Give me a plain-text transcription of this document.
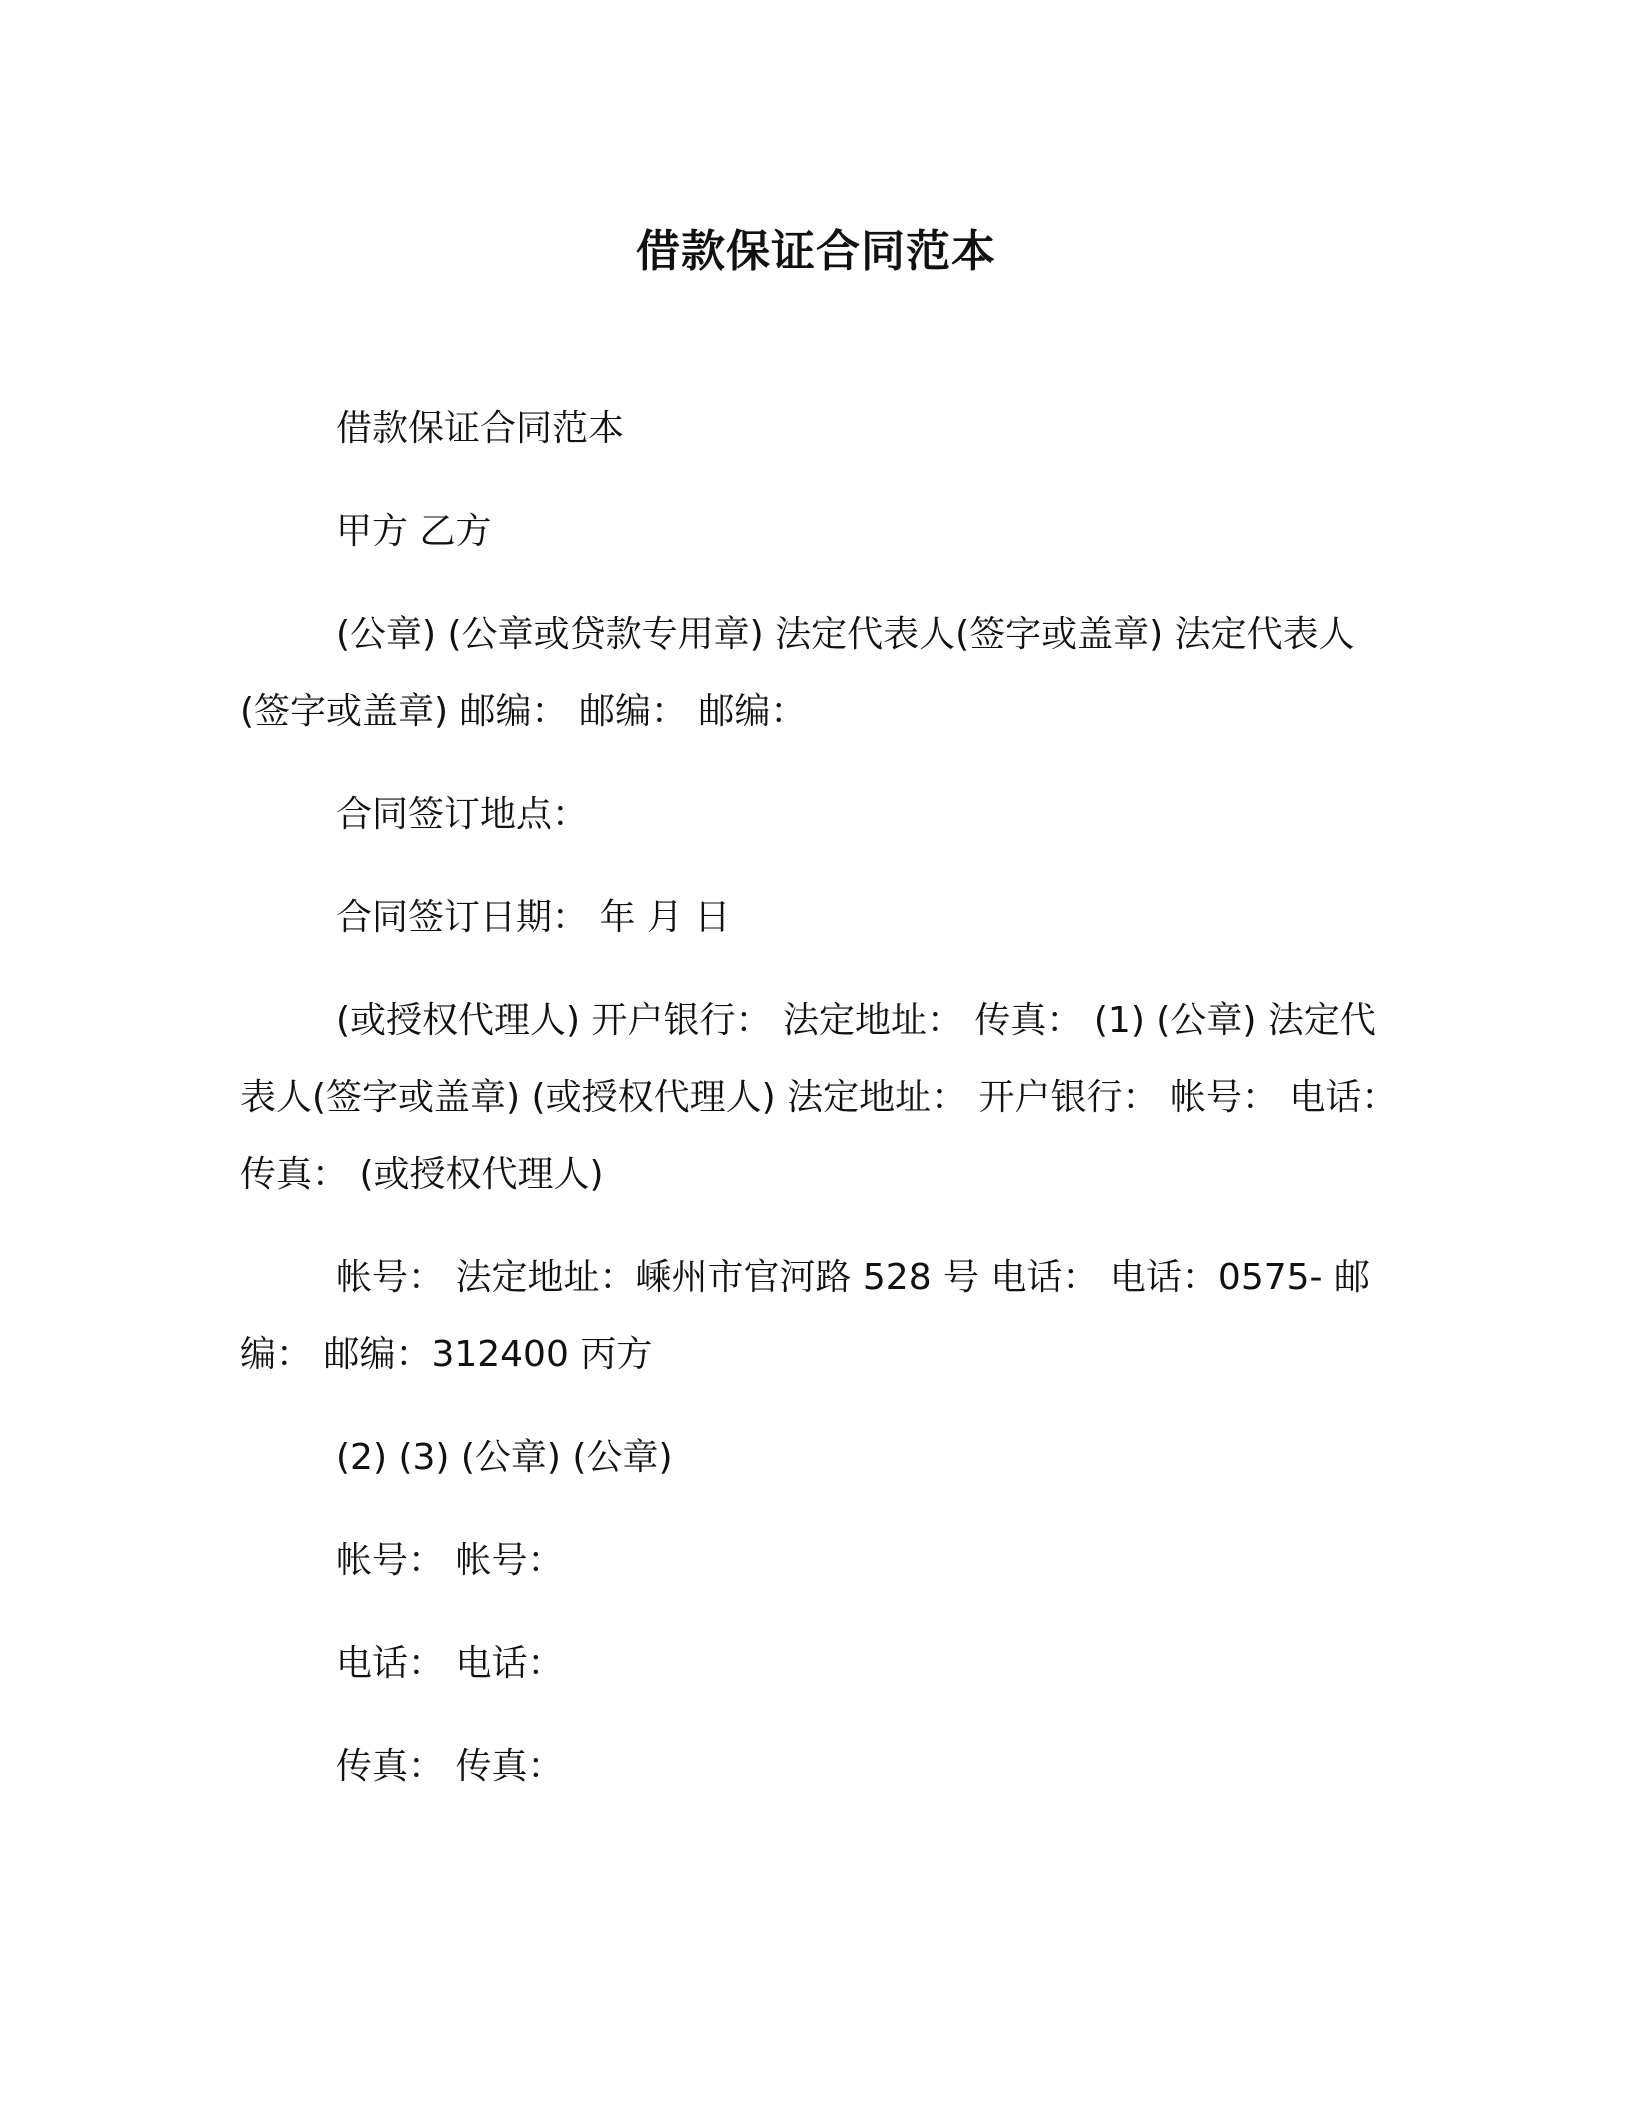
借款保证合同范本

借款保证合同范本

甲方 乙方

(公章) (公章或贷款专用章) 法定代表人(签字或盖章) 法定代表人(签字或盖章) 邮编： 邮编： 邮编：

合同签订地点：

合同签订日期： 年 月 日

(或授权代理人) 开户银行： 法定地址： 传真： (1) (公章) 法定代表人(签字或盖章) (或授权代理人) 法定地址： 开户银行： 帐号： 电话： 传真： (或授权代理人)

帐号： 法定地址：嵊州市官河路 528 号 电话： 电话：0575- 邮编： 邮编：312400 丙方

(2) (3) (公章) (公章)

帐号： 帐号：

电话： 电话：

传真： 传真：
